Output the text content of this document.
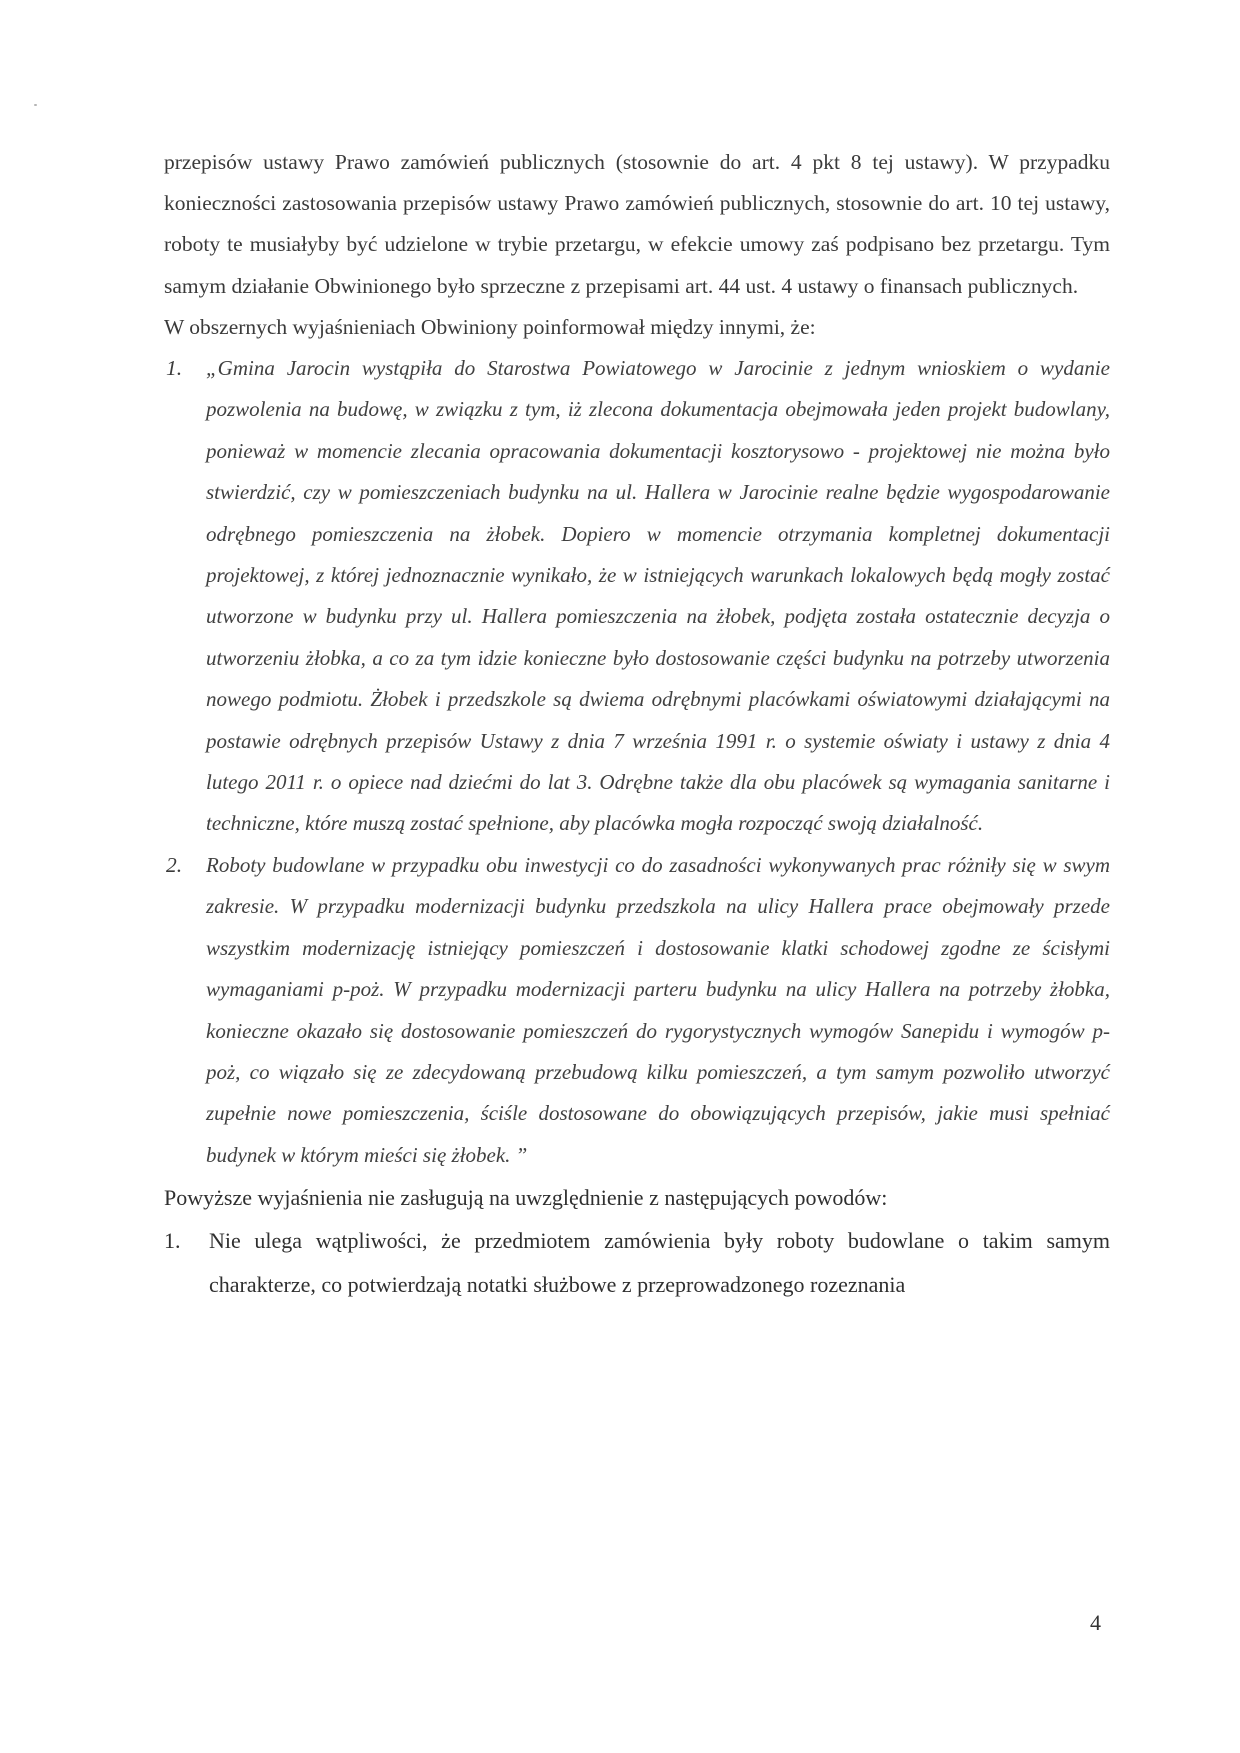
przepisów ustawy Prawo zamówień publicznych (stosownie do art. 4 pkt 8 tej ustawy). W przypadku konieczności zastosowania przepisów ustawy Prawo zamówień publicznych, stosownie do art. 10 tej ustawy, roboty te musiałyby być udzielone w trybie przetargu, w efekcie umowy zaś podpisano bez przetargu. Tym samym działanie Obwinionego było sprzeczne z przepisami art. 44 ust. 4 ustawy o finansach publicznych.

W obszernych wyjaśnieniach Obwiniony poinformował między innymi, że:

1.	„Gmina Jarocin wystąpiła do Starostwa Powiatowego w Jarocinie z jednym wnioskiem o wydanie pozwolenia na budowę, w związku z tym, iż zlecona dokumentacja obejmowała jeden projekt budowlany, ponieważ w momencie zlecania opracowania dokumentacji kosztorysowo - projektowej nie można było stwierdzić, czy w pomieszczeniach budynku na ul. Hallera w Jarocinie realne będzie wygospodarowanie odrębnego pomieszczenia na żłobek. Dopiero w momencie otrzymania kompletnej dokumentacji projektowej, z której jednoznacznie wynikało, że w istniejących warunkach lokalowych będą mogły zostać utworzone w budynku przy ul. Hallera pomieszczenia na żłobek, podjęta została ostatecznie decyzja o utworzeniu żłobka, a co za tym idzie konieczne było dostosowanie części budynku na potrzeby utworzenia nowego podmiotu. Żłobek i przedszkole są dwiema odrębnymi placówkami oświatowymi działającymi na postawie odrębnych przepisów Ustawy z dnia 7 września 1991 r. o systemie oświaty i ustawy z dnia 4 lutego 2011 r. o opiece nad dziećmi do lat 3. Odrębne także dla obu placówek są wymagania sanitarne i techniczne, które muszą zostać spełnione, aby placówka mogła rozpocząć swoją działalność.
2.	Roboty budowlane w przypadku obu inwestycji co do zasadności wykonywanych prac różniły się w swym zakresie. W przypadku modernizacji budynku przedszkola na ulicy Hallera prace obejmowały przede wszystkim modernizację istniejący pomieszczeń i dostosowanie klatki schodowej zgodne ze ścisłymi wymaganiami p-poż. W przypadku modernizacji parteru budynku na ulicy Hallera na potrzeby żłobka, konieczne okazało się dostosowanie pomieszczeń do rygorystycznych wymogów Sanepidu i wymogów p-poż, co wiązało się ze zdecydowaną przebudową kilku pomieszczeń, a tym samym pozwoliło utworzyć zupełnie nowe pomieszczenia, ściśle dostosowane do obowiązujących przepisów, jakie musi spełniać budynek w którym mieści się żłobek. ”

Powyższe wyjaśnienia nie zasługują na uwzględnienie z następujących powodów:

1.	Nie ulega wątpliwości, że przedmiotem zamówienia były roboty budowlane o takim samym charakterze, co potwierdzają notatki służbowe z przeprowadzonego rozeznania
4
